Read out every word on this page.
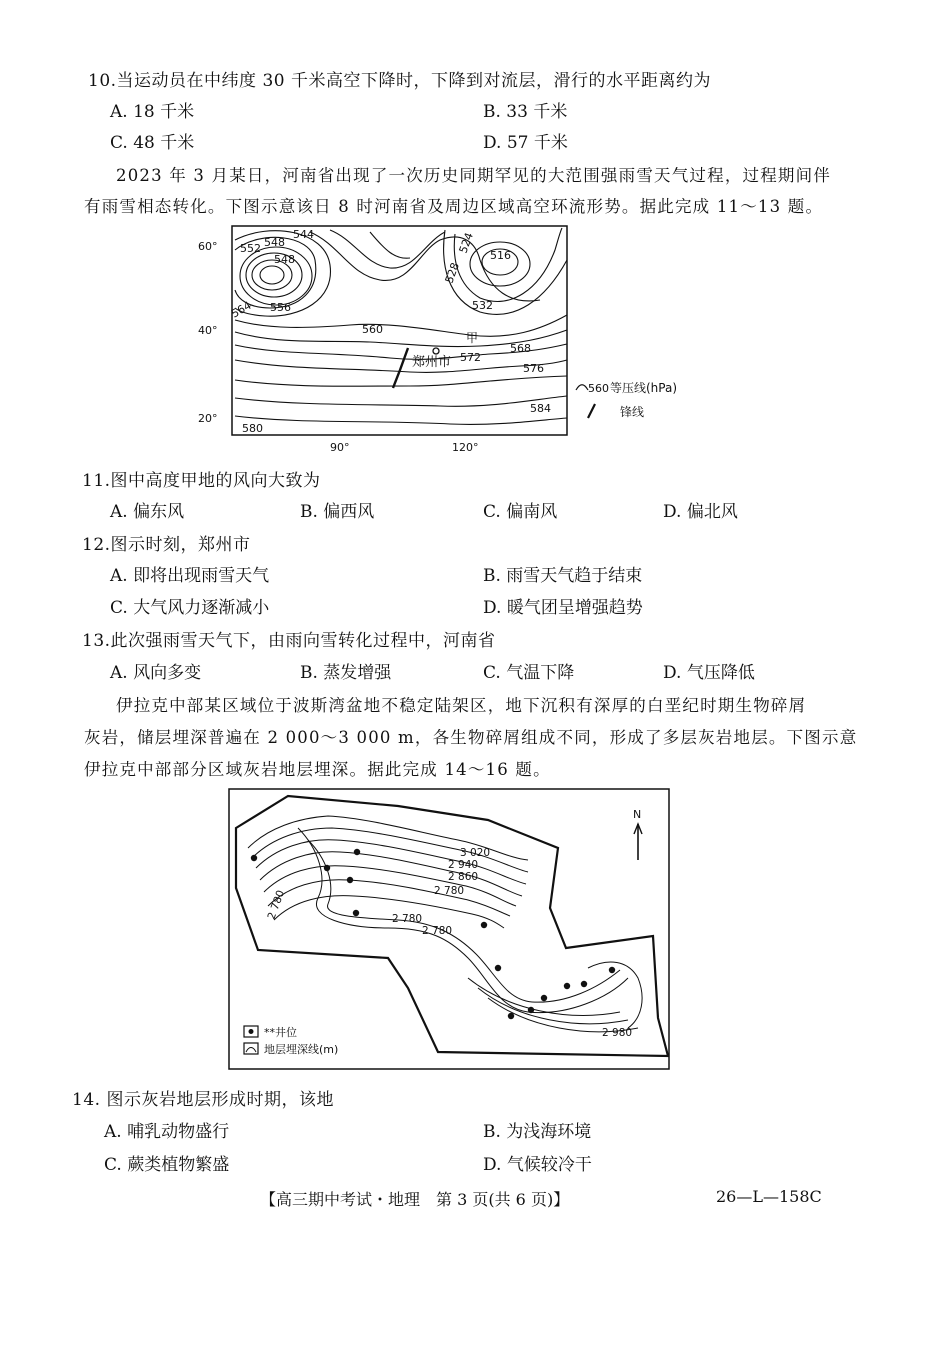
10.当运动员在中纬度 30 千米高空下降时，下降到对流层，滑行的水平距离约为
A. 18 千米	B. 33 千米
C. 48 千米	D. 57 千米
2023 年 3 月某日，河南省出现了一次历史同期罕见的大范围强雨雪天气过程，过程期间伴
有雨雪相态转化。下图示意该日 8 时河南省及周边区域高空环流形势。据此完成 11～13 题。
60°
40°
20°
90°	120°
552 548
544
548
556
564
560
524
516
528
532
568
572
576
584
580
郑州市
甲
560 等压线(hPa)
锋线
11.图中高度甲地的风向大致为
A. 偏东风	B. 偏西风	C. 偏南风	D. 偏北风
12.图示时刻，郑州市
A. 即将出现雨雪天气	B. 雨雪天气趋于结束
C. 大气风力逐渐减小	D. 暖气团呈增强趋势
13.此次强雨雪天气下，由雨向雪转化过程中，河南省
A. 风向多变	B. 蒸发增强	C. 气温下降	D. 气压降低
伊拉克中部某区域位于波斯湾盆地不稳定陆架区，地下沉积有深厚的白垩纪时期生物碎屑
灰岩，储层埋深普遍在 2 000～3 000 m，各生物碎屑组成不同，形成了多层灰岩地层。下图示意
伊拉克中部部分区域灰岩地层埋深。据此完成 14～16 题。
3 020
2 940
2 860
2 780
2 780	2 780
2 780
2 980
N
**井位
地层埋深线(m)
14. 图示灰岩地层形成时期，该地
A. 哺乳动物盛行	B. 为浅海环境
C. 蕨类植物繁盛	D. 气候较冷干
【高三期中考试・地理　第 3 页(共 6 页)】	26—L—158C
